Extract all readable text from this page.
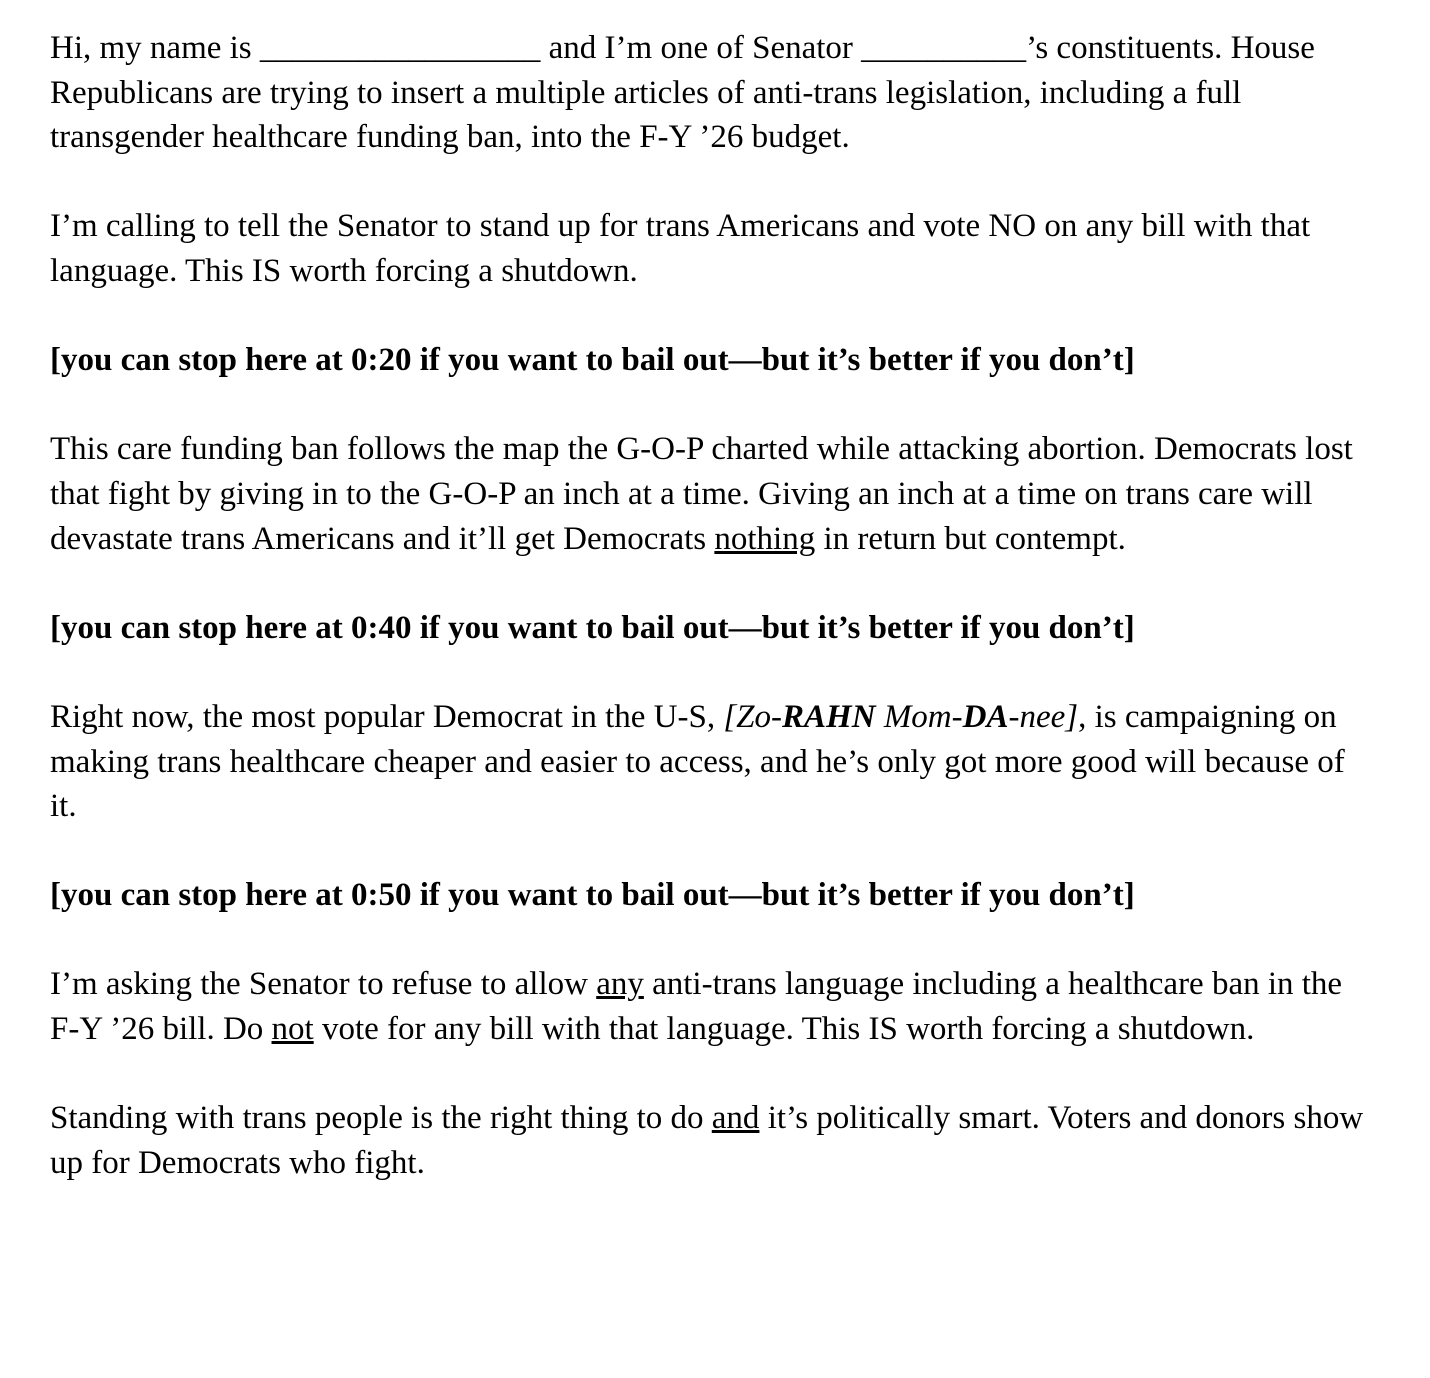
Hi, my name is _________________ and I’m one of Senator __________’s constituents. House Republicans are trying to insert a multiple articles of anti-trans legislation, including a full transgender healthcare funding ban, into the F-Y ’26 budget.

I’m calling to tell the Senator to stand up for trans Americans and vote NO on any bill with that language. This IS worth forcing a shutdown.

[you can stop here at 0:20 if you want to bail out—but it’s better if you don’t]

This care funding ban follows the map the G-O-P charted while attacking abortion. Democrats lost that fight by giving in to the G-O-P an inch at a time. Giving an inch at a time on trans care will devastate trans Americans and it’ll get Democrats nothing in return but contempt.

[you can stop here at 0:40 if you want to bail out—but it’s better if you don’t]

Right now, the most popular Democrat in the U-S, [Zo-RAHN Mom-DA-nee], is campaigning on making trans healthcare cheaper and easier to access, and he’s only got more good will because of it.

[you can stop here at 0:50 if you want to bail out—but it’s better if you don’t]

I’m asking the Senator to refuse to allow any anti-trans language including a healthcare ban in the F-Y ’26 bill. Do not vote for any bill with that language. This IS worth forcing a shutdown.

Standing with trans people is the right thing to do and it’s politically smart. Voters and donors show up for Democrats who fight.
